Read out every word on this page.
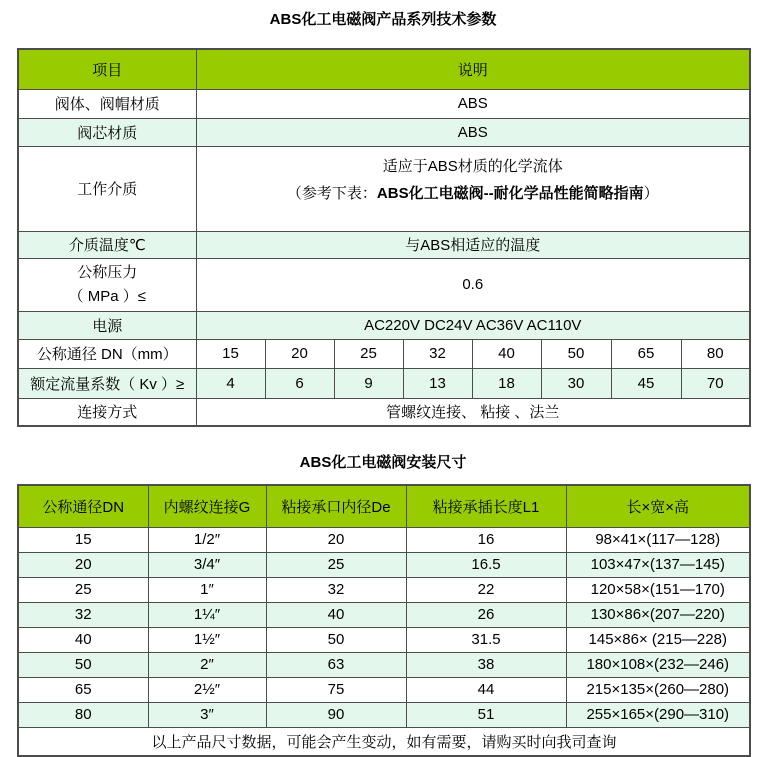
ABS化工电磁阀产品系列技术参数
项目	说明							
阀体、阀帽材质	ABS							
阀芯材质	ABS							
工作介质	适应于ABS材质的化学流体
（参考下表：ABS化工电磁阀--耐化学品性能简略指南）							

介质温度℃	与ABS相适应的温度							

公称压力
（ MPa ）≤	0.6							
电源	AC220V DC24V AC36V AC110V							
公称通径 DN（mm）	15	20	25	32	40	50	65	80
额定流量系数（ Kv ）≥	4	6	9	13	18	30	45	70
连接方式	管螺纹连接、 粘接 、法兰							
ABS化工电磁阀安装尺寸
公称通径DN	内螺纹连接G	粘接承口内径De	粘接承插长度L1	长×宽×高
15	1/2″	20	16	98×41×(117—128)
20	3/4″	25	16.5	103×47×(137—145)
25	1″	32	22	120×58×(151—170)
32	1¼″	40	26	130×86×(207—220)
40	1½″	50	31.5	145×86× (215—228)
50	2″	63	38	180×108×(232—246)
65	2½″	75	44	215×135×(260—280)
80	3″	90	51	255×165×(290—310)
以上产品尺寸数据，可能会产生变动，如有需要，请购买时向我司查询				
